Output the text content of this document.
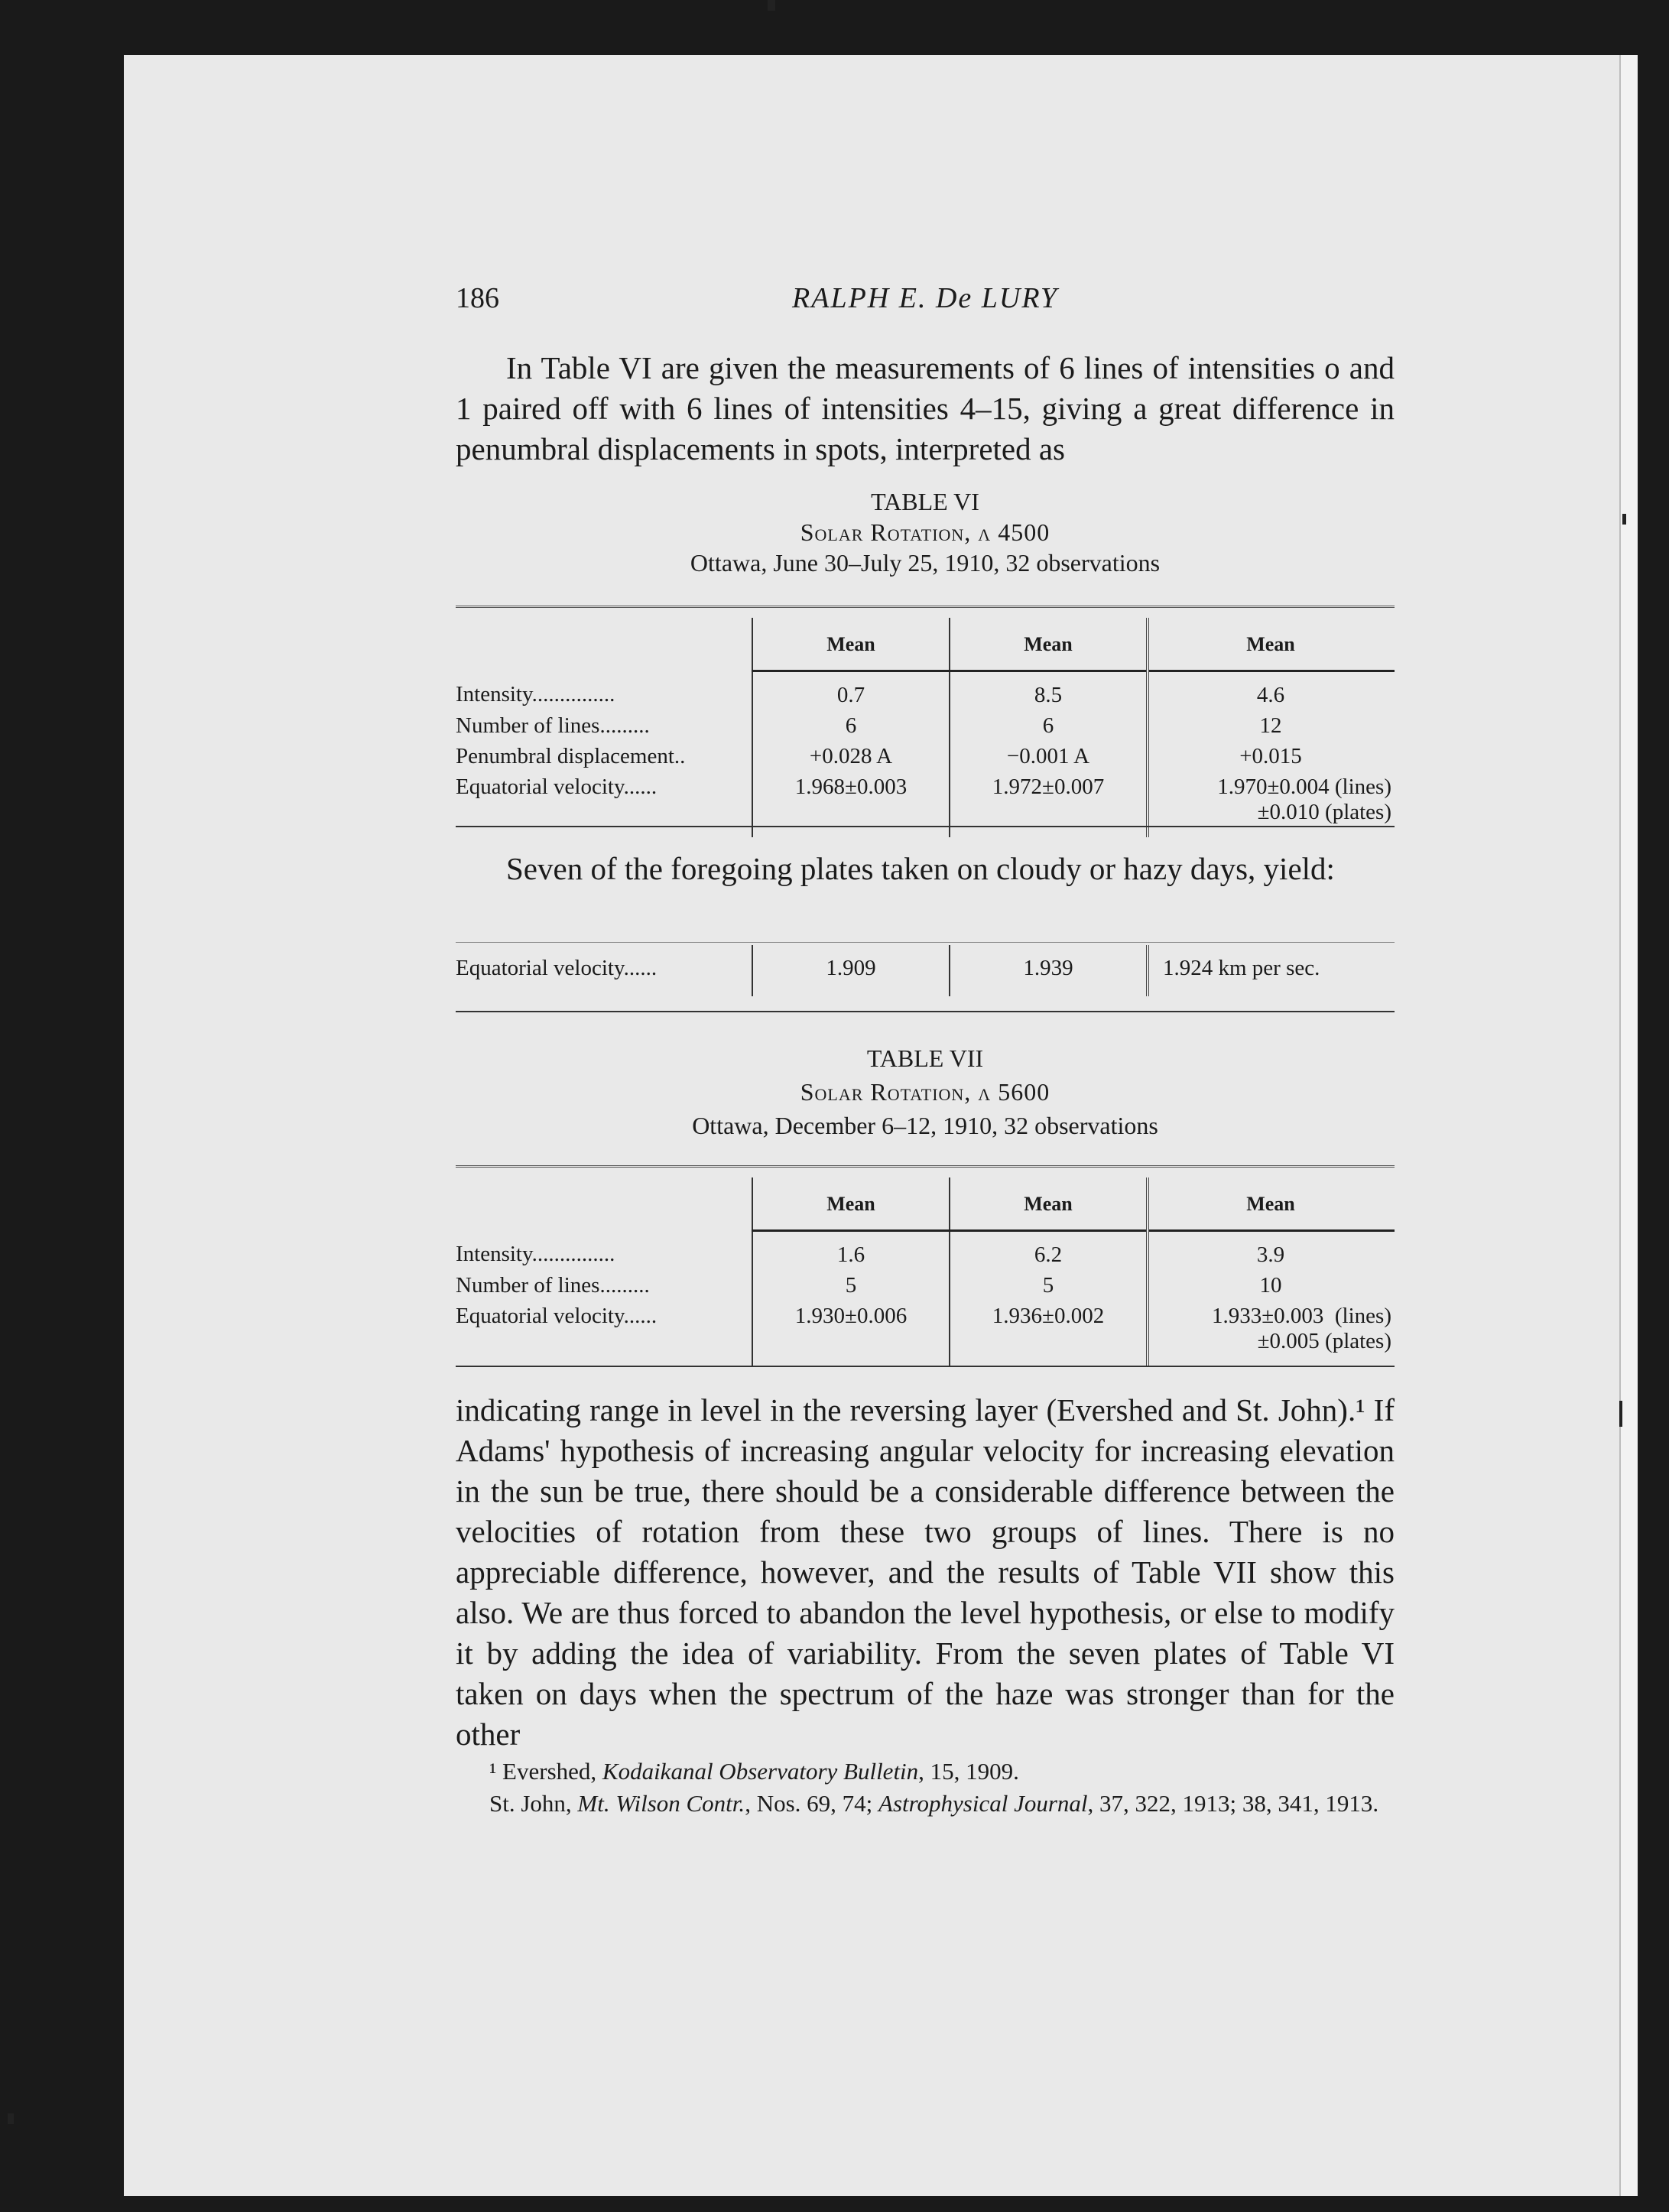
186	RALPH E. De LURY

In Table VI are given the measurements of 6 lines of intensities o and 1 paired off with 6 lines of intensities 4–15, giving a great difference in penumbral displacements in spots, interpreted as

TABLE VI
Solar Rotation, λ 4500
Ottawa, June 30–July 25, 1910, 32 observations
	Mean	Mean	Mean
Intensity...............	0.7	8.5	4.6
Number of lines.........	6	6	12
Penumbral displacement..	+0.028 A	−0.001 A	+0.015
Equatorial velocity......	1.968±0.003	1.972±0.007	1.970±0.004 (lines)
±0.010 (plates)

Seven of the foregoing plates taken on cloudy or hazy days, yield:

Equatorial velocity......	1.909	1.939	1.924 km per sec.
TABLE VII
Solar Rotation, λ 5600
Ottawa, December 6–12, 1910, 32 observations
	Mean	Mean	Mean
Intensity...............	1.6	6.2	3.9
Number of lines.........	5	5	10
Equatorial velocity......	1.930±0.006	1.936±0.002	1.933±0.003  (lines)
±0.005 (plates)

indicating range in level in the reversing layer (Evershed and St. John).¹ If Adams' hypothesis of increasing angular velocity for increasing elevation in the sun be true, there should be a considerable difference between the velocities of rotation from these two groups of lines. There is no appreciable difference, however, and the results of Table VII show this also. We are thus forced to abandon the level hypothesis, or else to modify it by adding the idea of variability. From the seven plates of Table VI taken on days when the spectrum of the haze was stronger than for the other

¹ Evershed, Kodaikanal Observatory Bulletin, 15, 1909.

St. John, Mt. Wilson Contr., Nos. 69, 74; Astrophysical Journal, 37, 322, 1913; 38, 341, 1913.
